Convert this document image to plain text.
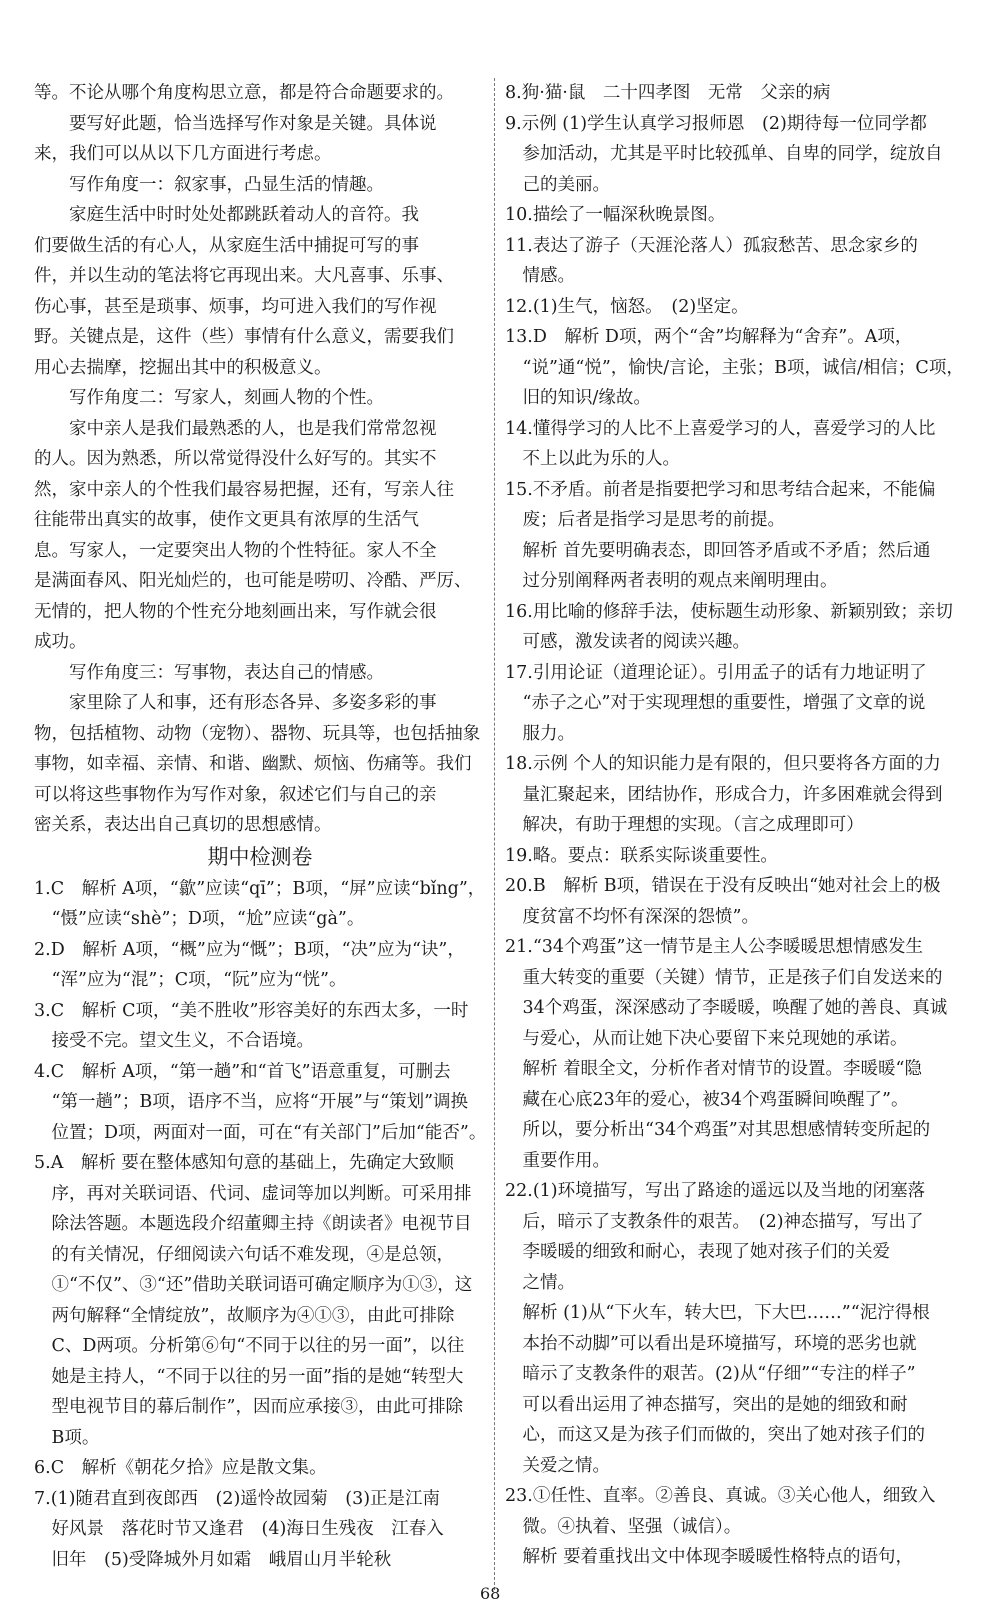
等。不论从哪个角度构思立意，都是符合命题要求的。

要写好此题，恰当选择写作对象是关键。具体说

来，我们可以从以下几方面进行考虑。

写作角度一：叙家事，凸显生活的情趣。

家庭生活中时时处处都跳跃着动人的音符。我

们要做生活的有心人，从家庭生活中捕捉可写的事

件，并以生动的笔法将它再现出来。大凡喜事、乐事、

伤心事，甚至是琐事、烦事，均可进入我们的写作视

野。关键点是，这件（些）事情有什么意义，需要我们

用心去揣摩，挖掘出其中的积极意义。

写作角度二：写家人，刻画人物的个性。

家中亲人是我们最熟悉的人，也是我们常常忽视

的人。因为熟悉，所以常觉得没什么好写的。其实不

然，家中亲人的个性我们最容易把握，还有，写亲人往

往能带出真实的故事，使作文更具有浓厚的生活气

息。写家人，一定要突出人物的个性特征。家人不全

是满面春风、阳光灿烂的，也可能是唠叨、冷酷、严厉、

无情的，把人物的个性充分地刻画出来，写作就会很

成功。

写作角度三：写事物，表达自己的情感。

家里除了人和事，还有形态各异、多姿多彩的事

物，包括植物、动物（宠物）、器物、玩具等，也包括抽象

事物，如幸福、亲情、和谐、幽默、烦恼、伤痛等。我们

可以将这些事物作为写作对象，叙述它们与自己的亲

密关系，表达出自己真切的思想感情。

期中检测卷

1.C　解析 A项，“歙”应读“qī”；B项，“屏”应读“bǐng”，

　“慑”应读“shè”；D项，“尬”应读“gà”。

2.D　解析 A项，“概”应为“慨”；B项，“决”应为“诀”，

　“浑”应为“混”；C项，“阮”应为“恍”。

3.C　解析 C项，“美不胜收”形容美好的东西太多，一时

　接受不完。望文生义，不合语境。

4.C　解析 A项，“第一趟”和“首飞”语意重复，可删去

　“第一趟”；B项，语序不当，应将“开展”与“策划”调换

　位置；D项，两面对一面，可在“有关部门”后加“能否”。

5.A　解析 要在整体感知句意的基础上，先确定大致顺

　序，再对关联词语、代词、虚词等加以判断。可采用排

　除法答题。本题选段介绍董卿主持《朗读者》电视节目

　的有关情况，仔细阅读六句话不难发现，④是总领，

　①“不仅”、③“还”借助关联词语可确定顺序为①③，这

　两句解释“全情绽放”，故顺序为④①③，由此可排除

　C、D两项。分析第⑥句“不同于以往的另一面”，以往

　她是主持人，“不同于以往的另一面”指的是她“转型大

　型电视节目的幕后制作”，因而应承接③，由此可排除

　B项。

6.C　解析《朝花夕拾》应是散文集。

7.(1)随君直到夜郎西　(2)遥怜故园菊　(3)正是江南

　好风景　落花时节又逢君　(4)海日生残夜　江春入

　旧年　(5)受降城外月如霜　峨眉山月半轮秋

8.狗·猫·鼠　二十四孝图　无常　父亲的病

9.示例 (1)学生认真学习报师恩　(2)期待每一位同学都

　参加活动，尤其是平时比较孤单、自卑的同学，绽放自

　己的美丽。

10.描绘了一幅深秋晚景图。

11.表达了游子（天涯沦落人）孤寂愁苦、思念家乡的

　情感。

12.(1)生气，恼怒。　(2)坚定。

13.D　解析 D项，两个“舍”均解释为“舍弃”。A项，

　“说”通“悦”，愉快/言论，主张；B项，诚信/相信；C项，

　旧的知识/缘故。

14.懂得学习的人比不上喜爱学习的人，喜爱学习的人比

　不上以此为乐的人。

15.不矛盾。前者是指要把学习和思考结合起来，不能偏

　废；后者是指学习是思考的前提。

　解析 首先要明确表态，即回答矛盾或不矛盾；然后通

　过分别阐释两者表明的观点来阐明理由。

16.用比喻的修辞手法，使标题生动形象、新颖别致；亲切

　可感，激发读者的阅读兴趣。

17.引用论证（道理论证）。引用孟子的话有力地证明了

　“赤子之心”对于实现理想的重要性，增强了文章的说

　服力。

18.示例 个人的知识能力是有限的，但只要将各方面的力

　量汇聚起来，团结协作，形成合力，许多困难就会得到

　解决，有助于理想的实现。（言之成理即可）

19.略。要点：联系实际谈重要性。

20.B　解析 B项，错误在于没有反映出“她对社会上的极

　度贫富不均怀有深深的怨愤”。

21.“34个鸡蛋”这一情节是主人公李暖暖思想情感发生

　重大转变的重要（关键）情节，正是孩子们自发送来的

　34个鸡蛋，深深感动了李暖暖，唤醒了她的善良、真诚

　与爱心，从而让她下决心要留下来兑现她的承诺。

　解析 着眼全文，分析作者对情节的设置。李暖暖“隐

　藏在心底23年的爱心，被34个鸡蛋瞬间唤醒了”。

　所以，要分析出“34个鸡蛋”对其思想感情转变所起的

　重要作用。

22.(1)环境描写，写出了路途的遥远以及当地的闭塞落

　后，暗示了支教条件的艰苦。　(2)神态描写，写出了

　李暖暖的细致和耐心，表现了她对孩子们的关爱

　之情。

　解析 (1)从“下火车，转大巴，下大巴……”“泥泞得根

　本抬不动脚”可以看出是环境描写，环境的恶劣也就

　暗示了支教条件的艰苦。(2)从“仔细”“专注的样子”

　可以看出运用了神态描写，突出的是她的细致和耐

　心，而这又是为孩子们而做的，突出了她对孩子们的

　关爱之情。

23.①任性、直率。②善良、真诚。③关心他人，细致入

　微。④执着、坚强（诚信）。

　解析 要着重找出文中体现李暖暖性格特点的语句，

68
